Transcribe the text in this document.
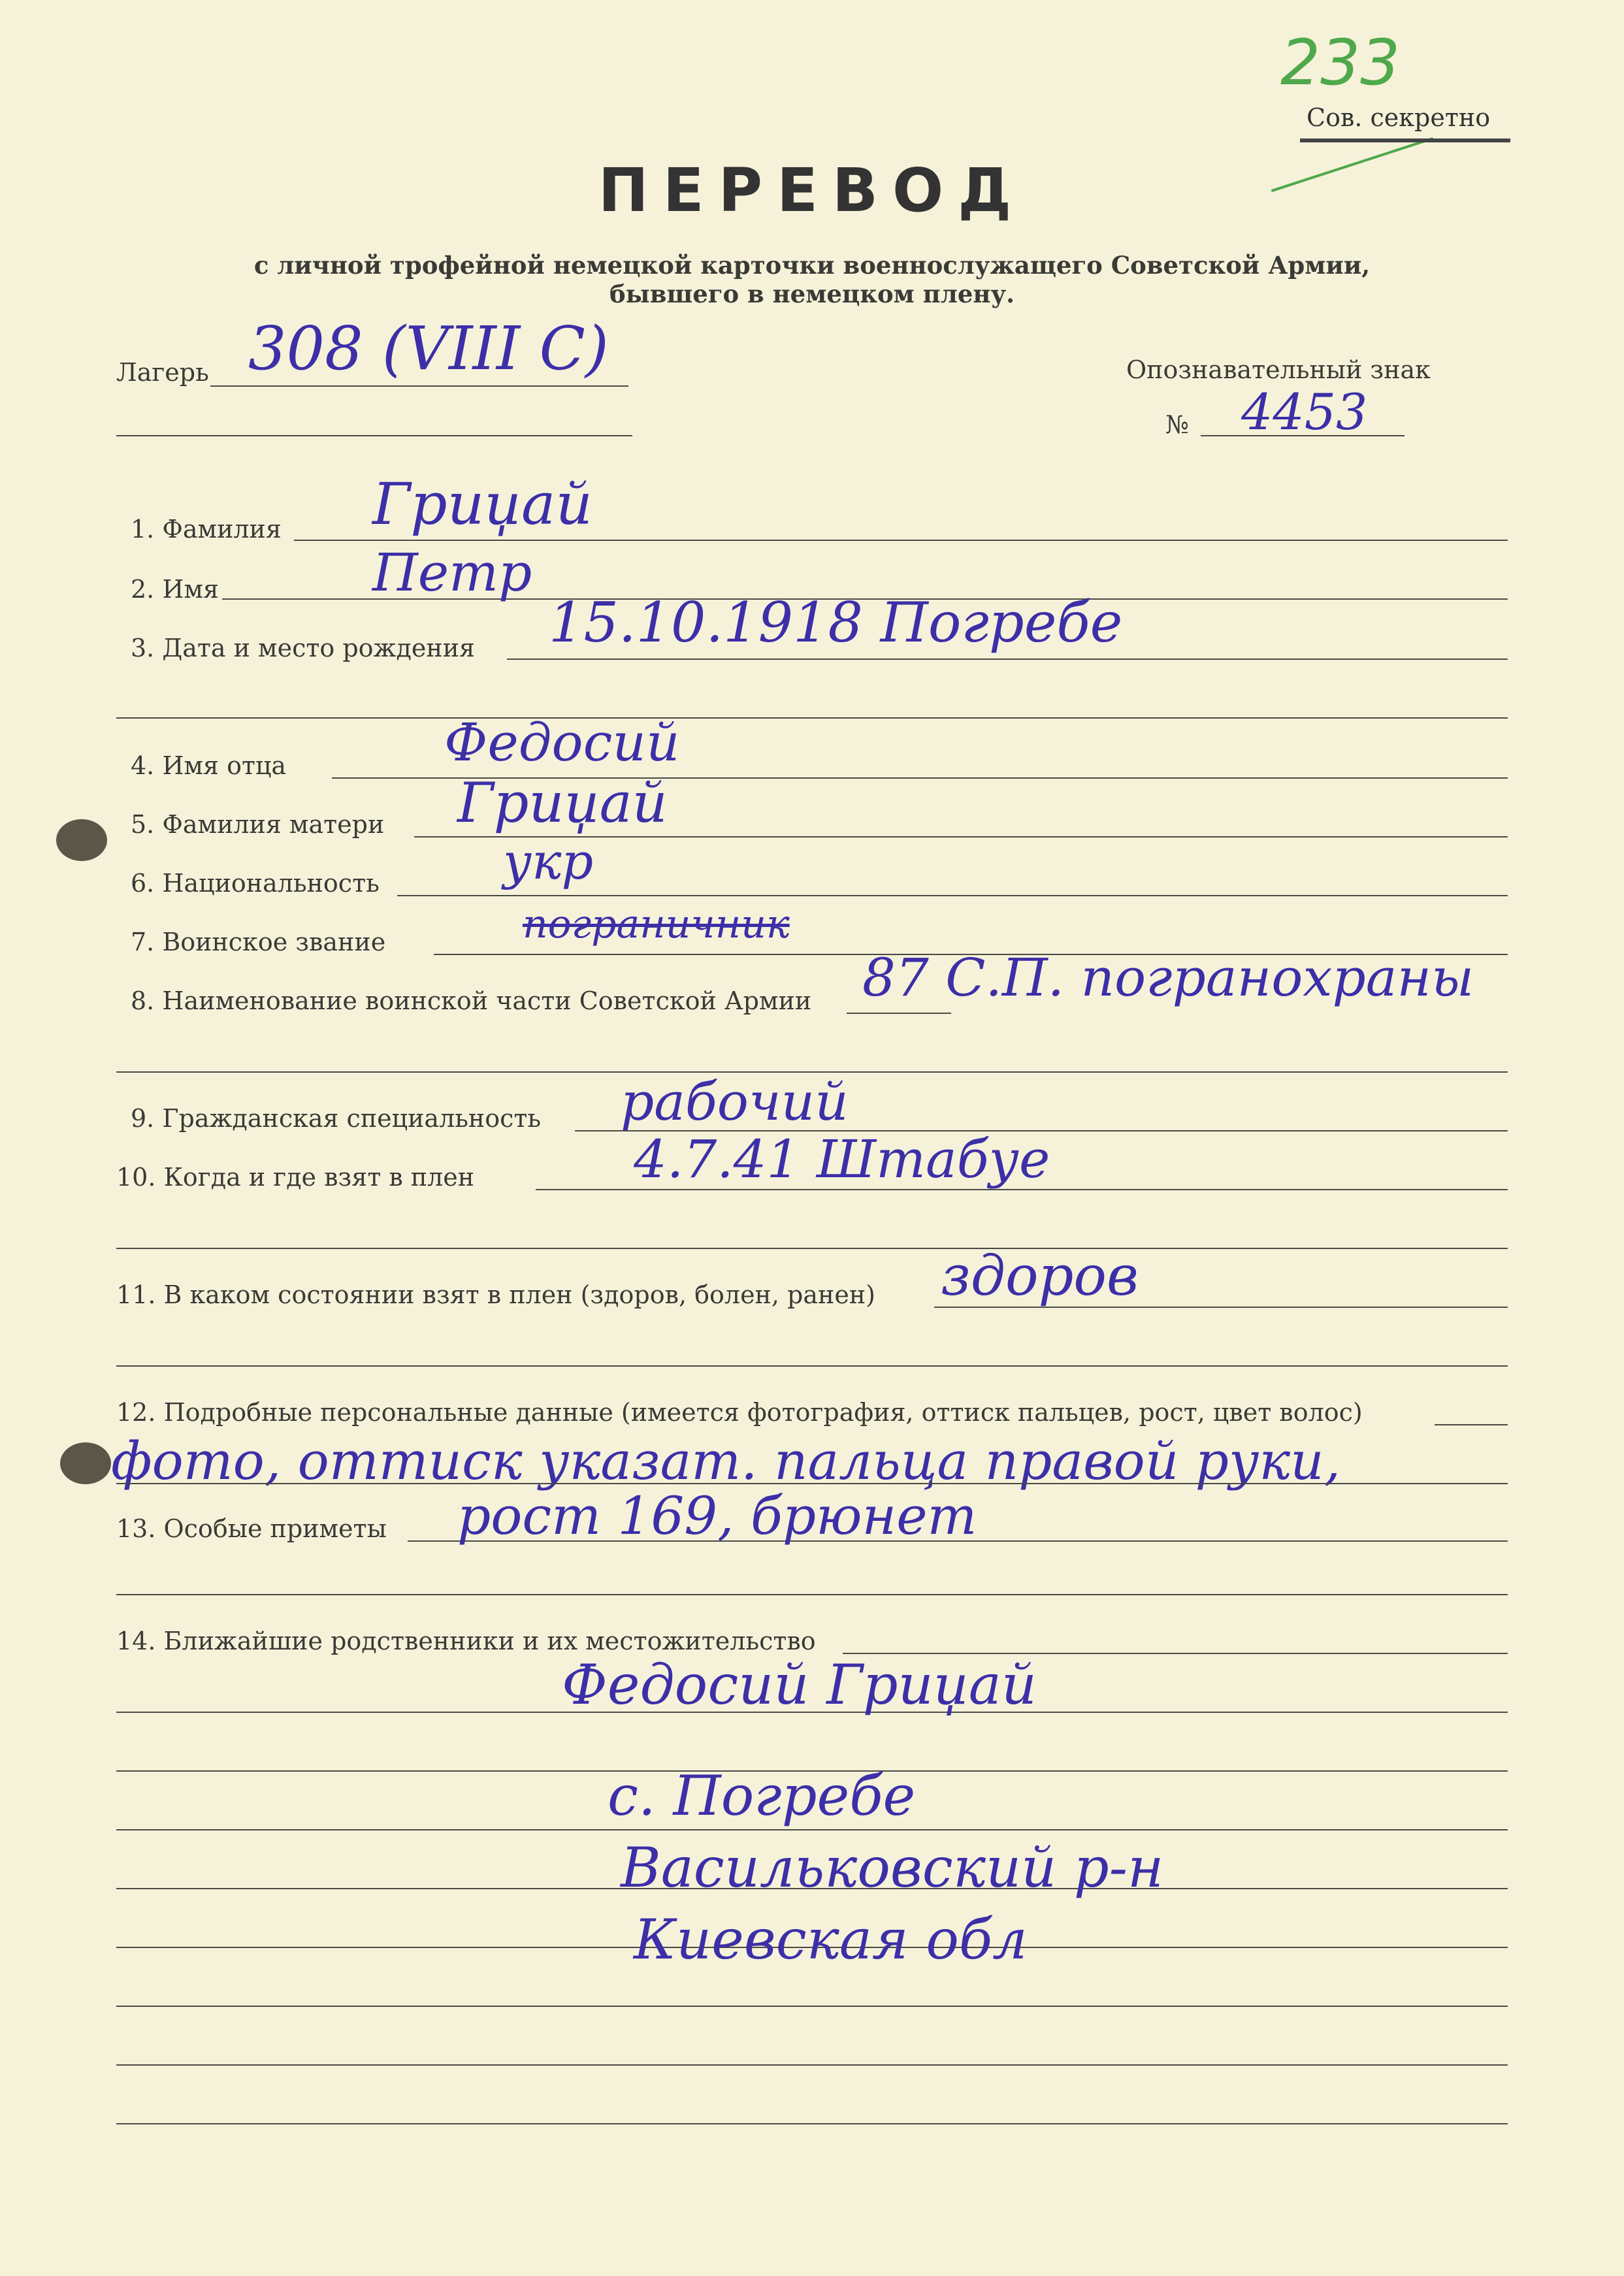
233
Сов. секретно
ПЕРЕВОД
с личной трофейной немецкой карточки военнослужащего Советской Армии,
бывшего в немецком плену.
Лагерь 308 (VIII C)	Опознавательный знак
№ 4453
1. Фамилия Гриџай
2. Имя	Петр
3. Дата и место рождения 15.10.1918 Погребе
4. Имя отца	Федосий
5. Фамилия матери Гриџай
6. Национальность укр
7. Воинское звание	пограничник
8. Наименование воинской части Советской Армии 87 С.П. погранохраны
9. Гражданская специальность рабочий
10. Когда и где взят в плен	4.7.41 Штабуе
11. В каком состоянии взят в плен (здоров, болен, ранен) здоров
12. Подробные персональные данные (имеется фотография, оттиск пальцев, рост, цвет волос)
фото, оттиск указат. пальца правой руки,
13. Особые приметы рост 169, брюнет
14. Ближайшие родственники и их местожительство
Федосий Гриџай
с. Погребе
Васильковский р-н
Киевская обл
